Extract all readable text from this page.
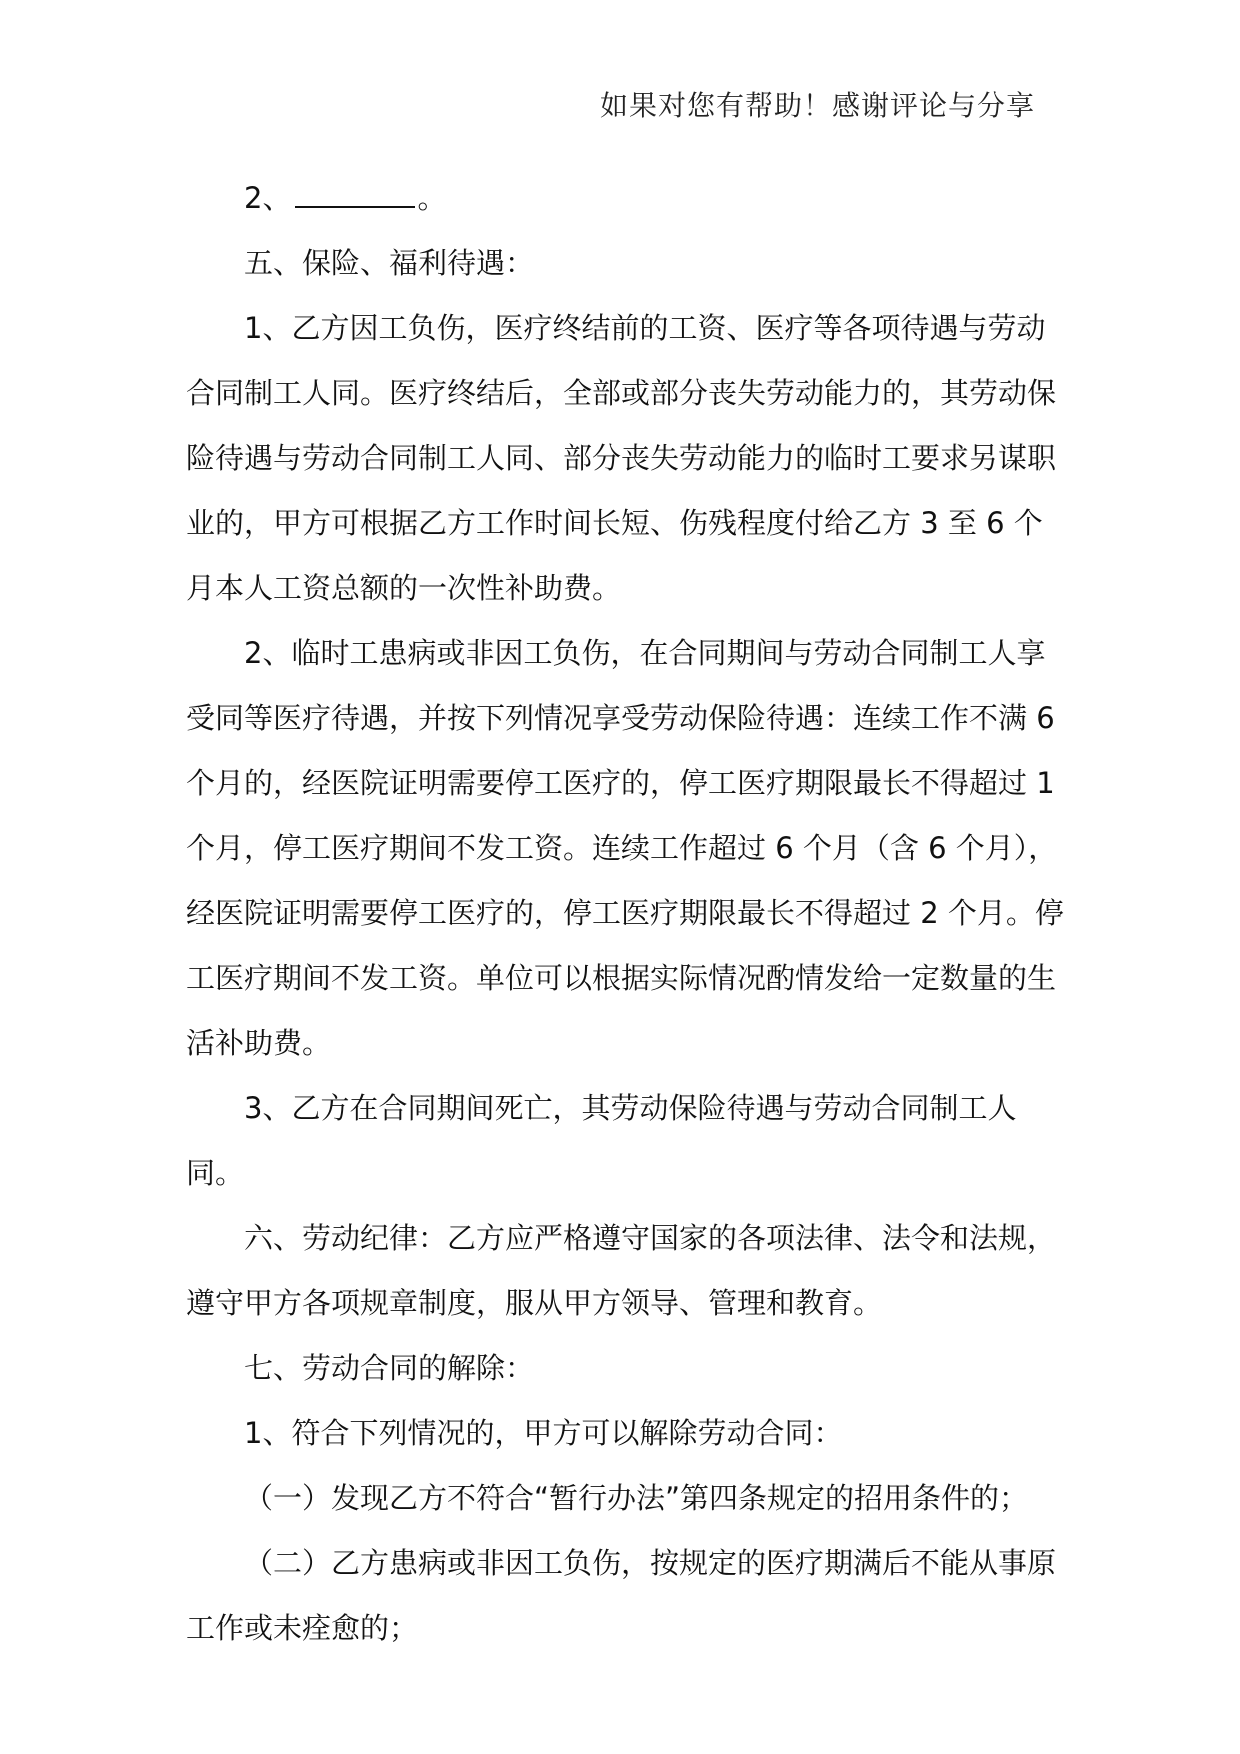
如果对您有帮助！感谢评论与分享

2、	。

五、保险、福利待遇：

1、乙方因工负伤，医疗终结前的工资、医疗等各项待遇与劳动合同制工人同。医疗终结后，全部或部分丧失劳动能力的，其劳动保险待遇与劳动合同制工人同、部分丧失劳动能力的临时工要求另谋职业的，甲方可根据乙方工作时间长短、伤残程度付给乙方 3 至 6 个月本人工资总额的一次性补助费。

2、临时工患病或非因工负伤，在合同期间与劳动合同制工人享受同等医疗待遇，并按下列情况享受劳动保险待遇：连续工作不满 6 个月的，经医院证明需要停工医疗的，停工医疗期限最长不得超过 1 个月，停工医疗期间不发工资。连续工作超过 6 个月（含 6 个月），经医院证明需要停工医疗的，停工医疗期限最长不得超过 2 个月。停工医疗期间不发工资。单位可以根据实际情况酌情发给一定数量的生活补助费。

3、乙方在合同期间死亡，其劳动保险待遇与劳动合同制工人同。

六、劳动纪律：乙方应严格遵守国家的各项法律、法令和法规，遵守甲方各项规章制度，服从甲方领导、管理和教育。

七、劳动合同的解除：

1、符合下列情况的，甲方可以解除劳动合同：

（一）发现乙方不符合“暂行办法”第四条规定的招用条件的；

（二）乙方患病或非因工负伤，按规定的医疗期满后不能从事原工作或未痊愈的；
